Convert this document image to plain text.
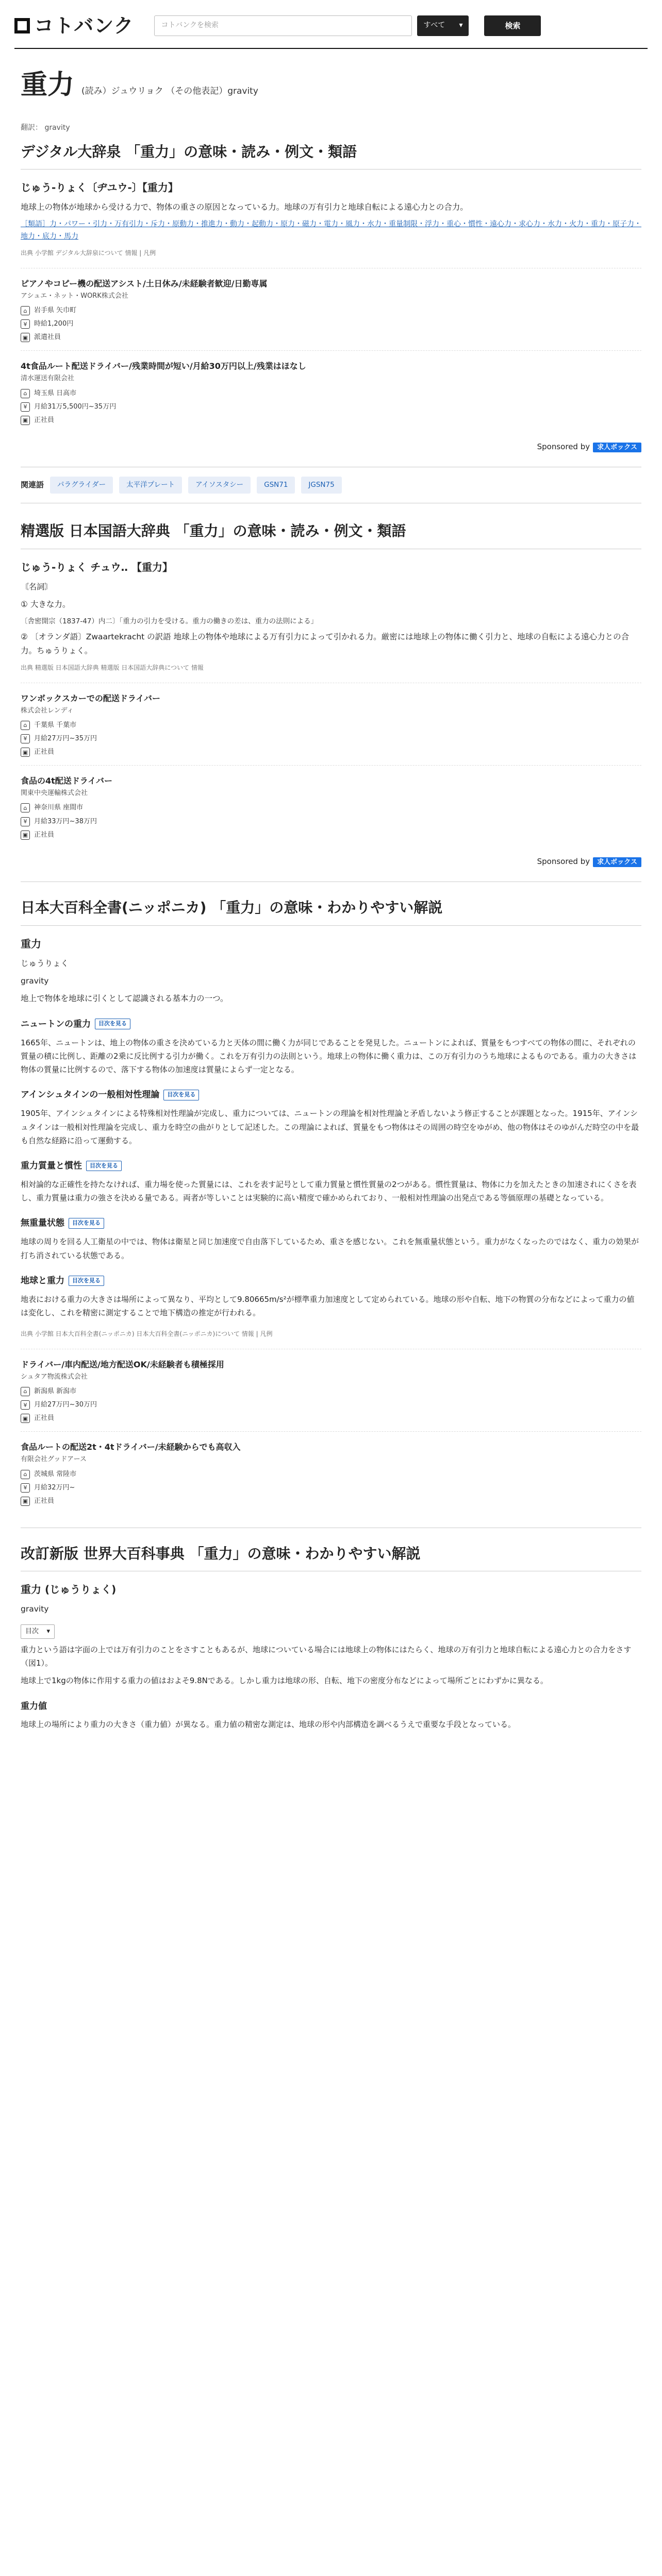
コトバンク	コトバンクを検索	すべて ▾	検索
重力 (読み）ジュウリョク （その他表記）gravity
翻訳： gravity
デジタル大辞泉 「重力」の意味・読み・例文・類語
じゅう‐りょく〔ヂユウ‐〕【重力】
地球上の物体が地球から受ける力で、物体の重さの原因となっている力。地球の万有引力と地球自転による遠心力との合力。
［類語］力・パワー・引力・万有引力・斥力・原動力・推進力・動力・起動力・原力・磁力・電力・風力・水力・重量制限・浮力・重心・慣性・遠心力・求心力・水力・火力・重力・原子力・地力・底力・馬力
出典 小学館 デジタル大辞泉について 情報 | 凡例
ピアノやコピー機の配送アシスト/土日休み/未経験者歓迎/日勤専属
アシュエ・ネット・WORK株式会社
⌂	岩手県 矢巾町
¥	時給1,200円
▣ 派遣社員
4t食品ルート配送ドライバー/残業時間が短い/月給30万円以上/残業はほなし
清水運送有限会社
⌂	埼玉県 日高市
¥	月給31万5,500円~35万円
▣ 正社員
Sponsored by 求人ボックス
関連語	パラグライダー	太平洋プレート	アイソスタシー	GSN71	JGSN75
精選版 日本国語大辞典 「重力」の意味・読み・例文・類語
じゅう‐りょく チュウ‥ 【重力】
〘名詞〙
① 大きな力。
〔舎密開宗（1837‐47）内二〕「重力の引力を受ける。重力の働きの差は、重力の法則による」
② 〔オランダ語〕Zwaartekracht の訳語 地球上の物体や地球による万有引力によって引かれる力。厳密には地球上の物体に働く引力と、地球の自転による遠心力との合力。ちゅうりょく。
出典 精選版 日本国語大辞典 精選版 日本国語大辞典について 情報
ワンボックスカーでの配送ドライバー
株式会社レンディ
⌂	千葉県 千葉市
¥	月給27万円~35万円
▣ 正社員
食品の4t配送ドライバー
関東中央運輸株式会社
⌂	神奈川県 座間市
¥	月給33万円~38万円
▣ 正社員
Sponsored by 求人ボックス
日本大百科全書(ニッポニカ) 「重力」の意味・わかりやすい解説
重力
じゅうりょく
gravity
地上で物体を地球に引くとして認識される基本力の一つ。
ニュートンの重力 目次を見る
1665年、ニュートンは、地上の物体の重さを決めている力と天体の間に働く力が同じであることを発見した。ニュートンによれば、質量をもつすべての物体の間に、それぞれの質量の積に比例し、距離の2乗に反比例する引力が働く。これを万有引力の法則という。地球上の物体に働く重力は、この万有引力のうち地球によるものである。重力の大きさは物体の質量に比例するので、落下する物体の加速度は質量によらず一定となる。
アインシュタインの一般相対性理論 目次を見る
1905年、アインシュタインによる特殊相対性理論が完成し、重力については、ニュートンの理論を相対性理論と矛盾しないよう修正することが課題となった。1915年、アインシュタインは一般相対性理論を完成し、重力を時空の曲がりとして記述した。この理論によれば、質量をもつ物体はその周囲の時空をゆがめ、他の物体はそのゆがんだ時空の中を最も自然な経路に沿って運動する。
重力質量と慣性 目次を見る
相対論的な正確性を持たなければ、重力場を使った質量には、これを表す記号として重力質量と慣性質量の2つがある。慣性質量は、物体に力を加えたときの加速されにくさを表し、重力質量は重力の強さを決める量である。両者が等しいことは実験的に高い精度で確かめられており、一般相対性理論の出発点である等価原理の基礎となっている。
無重量状態 目次を見る
地球の周りを回る人工衛星の中では、物体は衛星と同じ加速度で自由落下しているため、重さを感じない。これを無重量状態という。重力がなくなったのではなく、重力の効果が打ち消されている状態である。
地球と重力 目次を見る
地表における重力の大きさは場所によって異なり、平均として9.80665m/s²が標準重力加速度として定められている。地球の形や自転、地下の物質の分布などによって重力の値は変化し、これを精密に測定することで地下構造の推定が行われる。
出典 小学館 日本大百科全書(ニッポニカ) 日本大百科全書(ニッポニカ)について 情報 | 凡例
ドライバー/車内配送/地方配送OK/未経験者も積極採用
シュタア物流株式会社
⌂	新潟県 新潟市
¥	月給27万円~30万円
▣ 正社員
食品ルートの配送2t・4tドライバー/未経験からでも高収入
有限会社グッドアース
⌂	茨城県 常陸市
¥	月給32万円~
▣ 正社員
改訂新版 世界大百科事典 「重力」の意味・わかりやすい解説
重力 (じゅうりょく)
gravity
目次 ▾
重力という語は字面の上では万有引力のことをさすこともあるが、地球についている場合には地球上の物体にはたらく、地球の万有引力と地球自転による遠心力との合力をさす（図1）。
地球上で1kgの物体に作用する重力の値はおよそ9.8Nである。しかし重力は地球の形、自転、地下の密度分布などによって場所ごとにわずかに異なる。
重力値
地球上の場所により重力の大きさ（重力値）が異なる。重力値の精密な測定は、地球の形や内部構造を調べるうえで重要な手段となっている。
